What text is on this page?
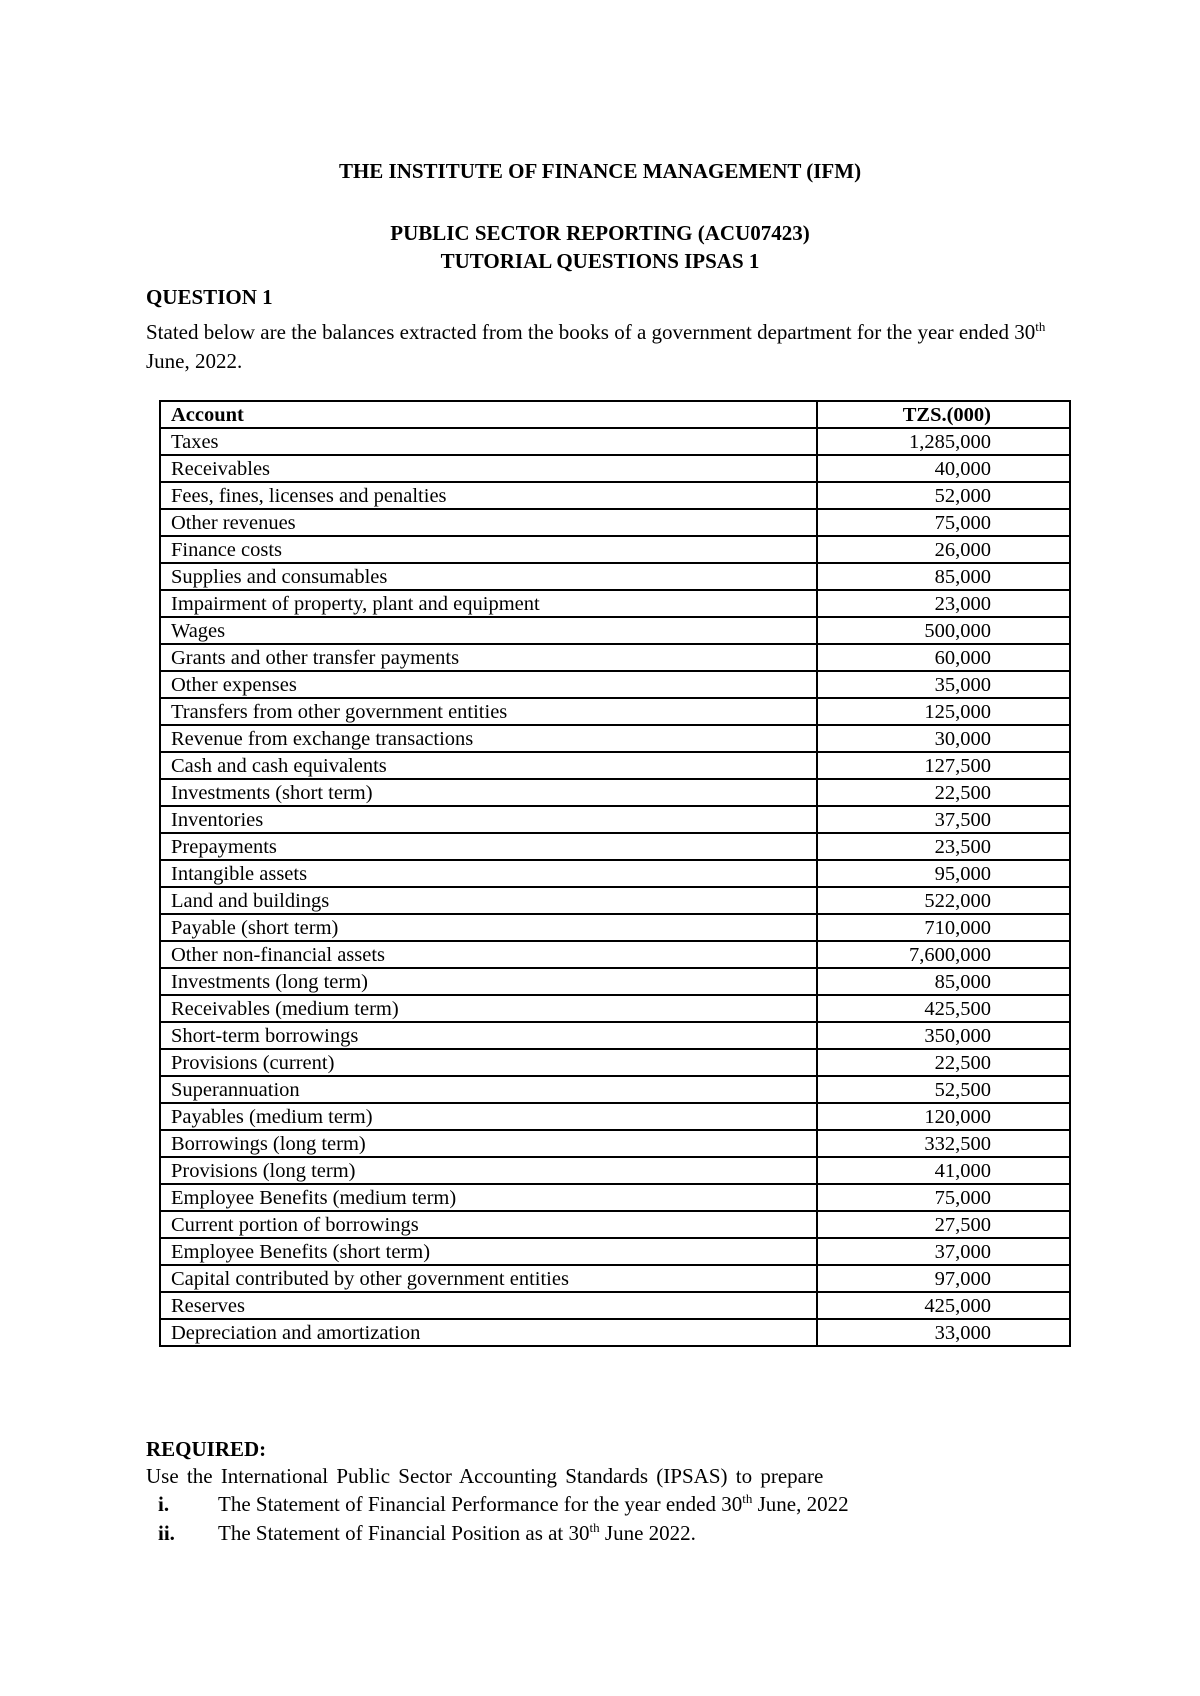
THE INSTITUTE OF FINANCE MANAGEMENT (IFM)
PUBLIC SECTOR REPORTING (ACU07423)
TUTORIAL QUESTIONS IPSAS 1
QUESTION 1
Stated below are the balances extracted from the books of a government department for the year ended 30th June, 2022.
Account	TZS.(000)
Taxes	1,285,000
Receivables	40,000
Fees, fines, licenses and penalties	52,000
Other revenues	75,000
Finance costs	26,000
Supplies and consumables	85,000
Impairment of property, plant and equipment	23,000
Wages	500,000
Grants and other transfer payments	60,000
Other expenses	35,000
Transfers from other government entities	125,000
Revenue from exchange transactions	30,000
Cash and cash equivalents	127,500
Investments (short term)	22,500
Inventories	37,500
Prepayments	23,500
Intangible assets	95,000
Land and buildings	522,000
Payable (short term)	710,000
Other non-financial assets	7,600,000
Investments (long term)	85,000
Receivables (medium term)	425,500
Short-term borrowings	350,000
Provisions (current)	22,500
Superannuation	52,500
Payables (medium term)	120,000
Borrowings (long term)	332,500
Provisions (long term)	41,000
Employee Benefits (medium term)	75,000
Current portion of borrowings	27,500
Employee Benefits (short term)	37,000
Capital contributed by other government entities	97,000
Reserves	425,000
Depreciation and amortization	33,000
REQUIRED:
Use the International Public Sector Accounting Standards (IPSAS) to prepare
i. The Statement of Financial Performance for the year ended 30th June, 2022
ii. The Statement of Financial Position as at 30th June 2022.
